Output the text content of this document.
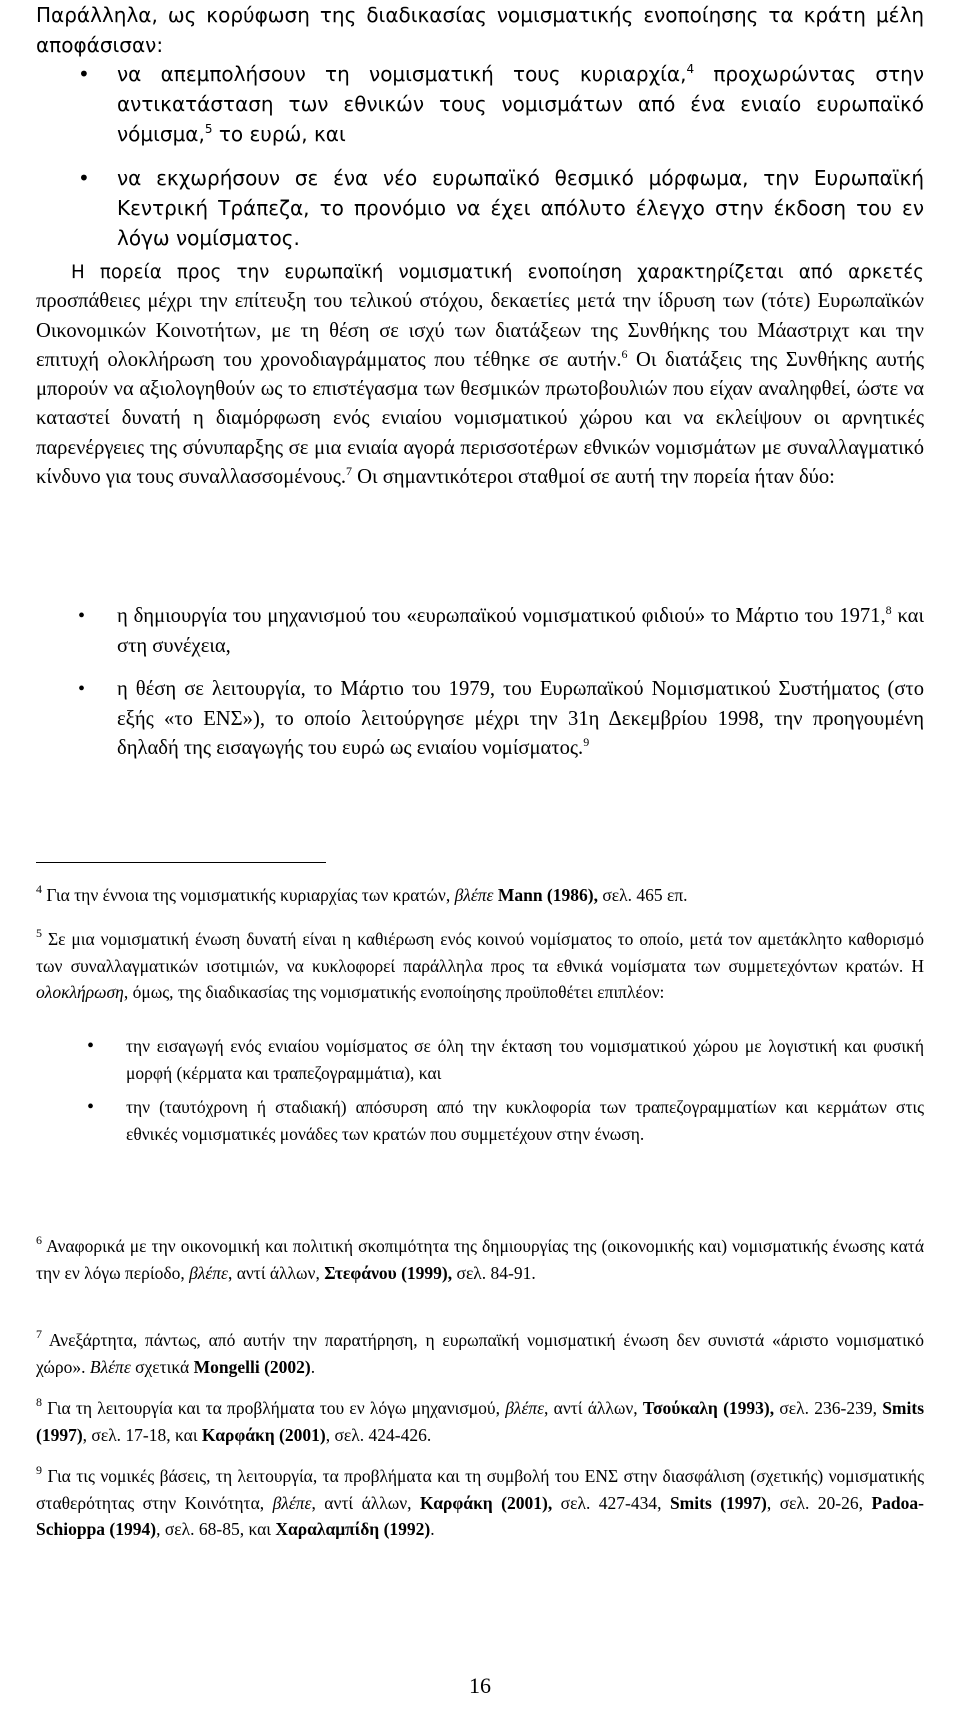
Παράλληλα, ως κορύφωση της διαδικασίας νομισματικής ενοποίησης τα κράτη μέλη αποφάσισαν:

• να απεμπολήσουν τη νομισματική τους κυριαρχία,$^4$ προχωρώντας στην αντικατάσταση των εθνικών τους νομισμάτων από ένα ενιαίο ευρωπαϊκό νόμισμα,$^5$ το ευρώ, και
• να εκχωρήσουν σε ένα νέο ευρωπαϊκό θεσμικό μόρφωμα, την Ευρωπαϊκή Κεντρική Τράπεζα, το προνόμιο να έχει απόλυτο έλεγχο στην έκδοση του εν λόγω νομίσματος.

Η πορεία προς την ευρωπαϊκή νομισματική ενοποίηση χαρακτηρίζεται από αρκετές προσπάθειες μέχρι την επίτευξη του τελικού στόχου, δεκαετίες μετά την ίδρυση των (τότε) Ευρωπαϊκών Οικονομικών Κοινοτήτων, με τη θέση σε ισχύ των διατάξεων της Συνθήκης του Μάαστριχτ και την επιτυχή ολοκλήρωση του χρονοδιαγράμματος που τέθηκε σε αυτήν.$^6$ Οι διατάξεις της Συνθήκης αυτής μπορούν να αξιολογηθούν ως το επιστέγασμα των θεσμικών πρωτοβουλιών που είχαν αναληφθεί, ώστε να καταστεί δυνατή η διαμόρφωση ενός ενιαίου νομισματικού χώρου και να εκλείψουν οι αρνητικές παρενέργειες της σύνυπαρξης σε μια ενιαία αγορά περισσοτέρων εθνικών νομισμάτων με συναλλαγματικό κίνδυνο για τους συναλλασσομένους.$^7$ Οι σημαντικότεροι σταθμοί σε αυτή την πορεία ήταν δύο:

• η δημιουργία του μηχανισμού του «ευρωπαϊκού νομισματικού φιδιού» το Μάρτιο του 1971,$^8$ και στη συνέχεια,
• η θέση σε λειτουργία, το Μάρτιο του 1979, του Ευρωπαϊκού Νομισματικού Συστήματος (στο εξής «το ΕΝΣ»), το οποίο λειτούργησε μέχρι την 31η Δεκεμβρίου 1998, την προηγουμένη δηλαδή της εισαγωγής του ευρώ ως ενιαίου νομίσματος.$^9$

$^4$ Για την έννοια της νομισματικής κυριαρχίας των κρατών, βλέπε Mann (1986), σελ. 465 επ.

$^5$ Σε μια νομισματική ένωση δυνατή είναι η καθιέρωση ενός κοινού νομίσματος το οποίο, μετά τον αμετάκλητο καθορισμό των συναλλαγματικών ισοτιμιών, να κυκλοφορεί παράλληλα προς τα εθνικά νομίσματα των συμμετεχόντων κρατών. Η ολοκλήρωση, όμως, της διαδικασίας της νομισματικής ενοποίησης προϋποθέτει επιπλέον:

• την εισαγωγή ενός ενιαίου νομίσματος σε όλη την έκταση του νομισματικού χώρου με λογιστική και φυσική μορφή (κέρματα και τραπεζογραμμάτια), και
• την (ταυτόχρονη ή σταδιακή) απόσυρση από την κυκλοφορία των τραπεζογραμματίων και κερμάτων στις εθνικές νομισματικές μονάδες των κρατών που συμμετέχουν στην ένωση.

$^6$ Αναφορικά με την οικονομική και πολιτική σκοπιμότητα της δημιουργίας της (οικονομικής και) νομισματικής ένωσης κατά την εν λόγω περίοδο, βλέπε, αντί άλλων, Στεφάνου (1999), σελ. 84-91.

$^7$ Ανεξάρτητα, πάντως, από αυτήν την παρατήρηση, η ευρωπαϊκή νομισματική ένωση δεν συνιστά «άριστο νομισματικό χώρο». Βλέπε σχετικά Mongelli (2002).

$^8$ Για τη λειτουργία και τα προβλήματα του εν λόγω μηχανισμού, βλέπε, αντί άλλων, Τσούκαλη (1993), σελ. 236-239, Smits (1997), σελ. 17-18, και Καρφάκη (2001), σελ. 424-426.

$^9$ Για τις νομικές βάσεις, τη λειτουργία, τα προβλήματα και τη συμβολή του ΕΝΣ στην διασφάλιση (σχετικής) νομισματικής σταθερότητας στην Κοινότητα, βλέπε, αντί άλλων, Καρφάκη (2001), σελ. 427-434, Smits (1997), σελ. 20-26, Padoa-Schioppa (1994), σελ. 68-85, και Χαραλαμπίδη (1992).

16
